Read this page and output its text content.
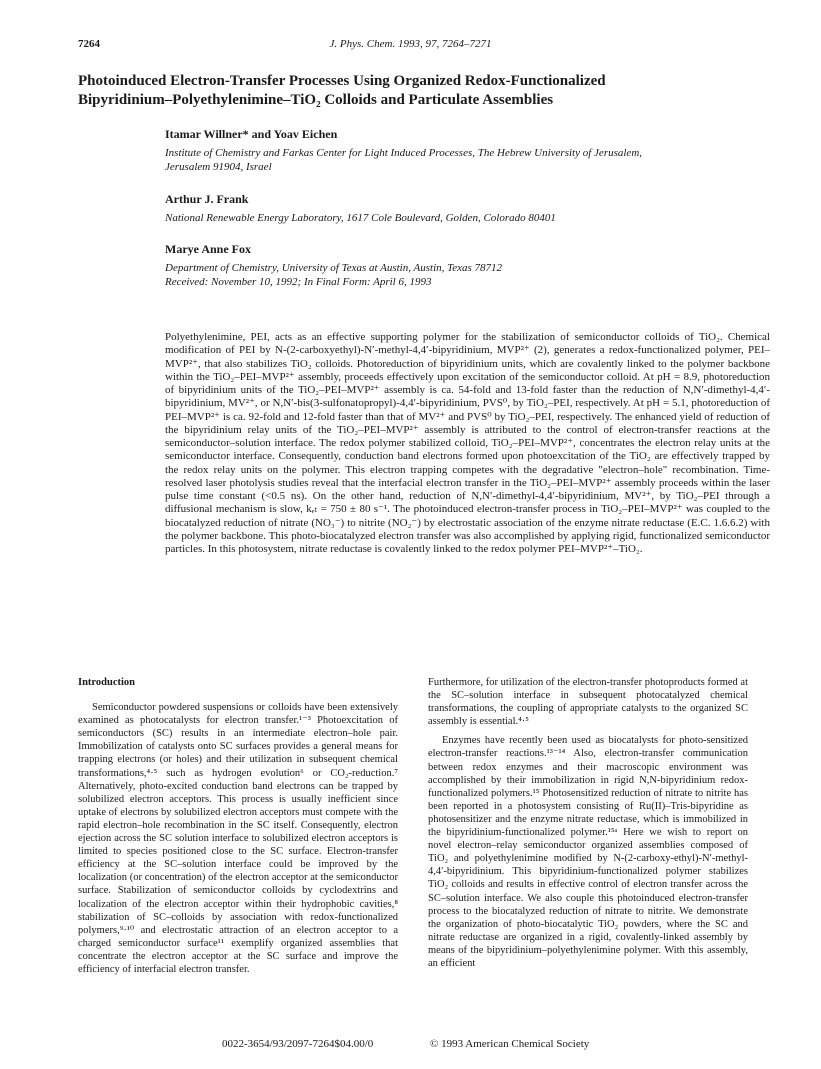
7264	J. Phys. Chem. 1993, 97, 7264–7271
Photoinduced Electron-Transfer Processes Using Organized Redox-Functionalized
Bipyridinium–Polyethylenimine–TiO₂ Colloids and Particulate Assemblies
Itamar Willner* and Yoav Eichen
Institute of Chemistry and Farkas Center for Light Induced Processes, The Hebrew University of Jerusalem,
Jerusalem 91904, Israel
Arthur J. Frank
National Renewable Energy Laboratory, 1617 Cole Boulevard, Golden, Colorado 80401
Marye Anne Fox
Department of Chemistry, University of Texas at Austin, Austin, Texas 78712
Received: November 10, 1992; In Final Form: April 6, 1993
Polyethylenimine, PEI, acts as an effective supporting polymer for the stabilization of semiconductor colloids of TiO₂. Chemical modification of PEI by N-(2-carboxyethyl)-N′-methyl-4,4′-bipyridinium, MVP²⁺ (2), generates a redox-functionalized polymer, PEI–MVP²⁺, that also stabilizes TiO₂ colloids. Photoreduction of bipyridinium units, which are covalently linked to the polymer backbone within the TiO₂–PEI–MVP²⁺ assembly, proceeds effectively upon excitation of the semiconductor colloid. At pH = 8.9, photoreduction of bipyridinium units of the TiO₂–PEI–MVP²⁺ assembly is ca. 54-fold and 13-fold faster than the reduction of N,N′-dimethyl-4,4′-bipyridinium, MV²⁺, or N,N′-bis(3-sulfonatopropyl)-4,4′-bipyridinium, PVS⁰, by TiO₂–PEI, respectively. At pH = 5.1, photoreduction of PEI–MVP²⁺ is ca. 92-fold and 12-fold faster than that of MV²⁺ and PVS⁰ by TiO₂–PEI, respectively. The enhanced yield of reduction of the bipyridinium relay units of the TiO₂–PEI–MVP²⁺ assembly is attributed to the control of electron-transfer reactions at the semiconductor–solution interface. The redox polymer stabilized colloid, TiO₂–PEI–MVP²⁺, concentrates the electron relay units at the semiconductor interface. Consequently, conduction band electrons formed upon photoexcitation of the TiO₂ are effectively trapped by the redox relay units on the polymer. This electron trapping competes with the degradative "electron–hole" recombination. Time-resolved laser photolysis studies reveal that the interfacial electron transfer in the TiO₂–PEI–MVP²⁺ assembly proceeds within the laser pulse time constant (<0.5 ns). On the other hand, reduction of N,N′-dimethyl-4,4′-bipyridinium, MV²⁺, by TiO₂–PEI through a diffusional mechanism is slow, kₑₜ = 750 ± 80 s⁻¹. The photoinduced electron-transfer process in TiO₂–PEI–MVP²⁺ was coupled to the biocatalyzed reduction of nitrate (NO₃⁻) to nitrite (NO₂⁻) by electrostatic association of the enzyme nitrate reductase (E.C. 1.6.6.2) with the polymer backbone. This photo-biocatalyzed electron transfer was also accomplished by applying rigid, functionalized semiconductor particles. In this photosystem, nitrate reductase is covalently linked to the redox polymer PEI–MVP²⁺–TiO₂.
Introduction

Semiconductor powdered suspensions or colloids have been extensively examined as photocatalysts for electron transfer.¹⁻³ Photoexcitation of semiconductors (SC) results in an intermediate electron–hole pair. Immobilization of catalysts onto SC surfaces provides a general means for trapping electrons (or holes) and their utilization in subsequent chemical transformations,⁴·⁵ such as hydrogen evolution⁶ or CO₂-reduction.⁷ Alternatively, photo-excited conduction band electrons can be trapped by solubilized electron acceptors. This process is usually inefficient since uptake of electrons by solubilized electron acceptors must compete with the rapid electron–hole recombination in the SC itself. Consequently, electron ejection across the SC solution interface to solubilized electron acceptors is limited to species positioned close to the SC surface. Electron-transfer efficiency at the SC–solution interface could be improved by the localization (or concentration) of the electron acceptor at the semiconductor surface. Stabilization of semiconductor colloids by cyclodextrins and localization of the electron acceptor within their hydrophobic cavities,⁸ stabilization of SC–colloids by association with redox-functionalized polymers,⁹·¹⁰ and electrostatic attraction of an electron acceptor to a charged semiconductor surface¹¹ exemplify organized assemblies that concentrate the electron acceptor at the SC surface and improve the efficiency of interfacial electron transfer.

Furthermore, for utilization of the electron-transfer photoproducts formed at the SC–solution interface in subsequent photocatalyzed chemical transformations, the coupling of appropriate catalysts to the organized SC assembly is essential.⁴·⁵

Enzymes have recently been used as biocatalysts for photo-sensitized electron-transfer reactions.¹³⁻¹⁴ Also, electron-transfer communication between redox enzymes and their macroscopic environment was accomplished by their immobilization in rigid N,N-bipyridinium redox-functionalized polymers.¹⁵ Photosensitized reduction of nitrate to nitrite has been reported in a photosystem consisting of Ru(II)–Tris-bipyridine as photosensitizer and the enzyme nitrate reductase, which is immobilized in the bipyridinium-functionalized polymer.¹⁵ᵃ Here we wish to report on novel electron–relay semiconductor organized assemblies composed of TiO₂ and polyethylenimine modified by N-(2-carboxy-ethyl)-N′-methyl-4,4′-bipyridinium. This bipyridinium-functionalized polymer stabilizes TiO₂ colloids and results in effective control of electron transfer across the SC–solution interface. We also couple this photoinduced electron-transfer process to the biocatalyzed reduction of nitrate to nitrite. We demonstrate the organization of photo-biocatalytic TiO₂ powders, where the SC and nitrate reductase are organized in a rigid, covalently-linked assembly by means of the bipyridinium–polyethylenimine polymer. With this assembly, an efficient

0022-3654/93/2097-7264$04.00/0	© 1993 American Chemical Society
